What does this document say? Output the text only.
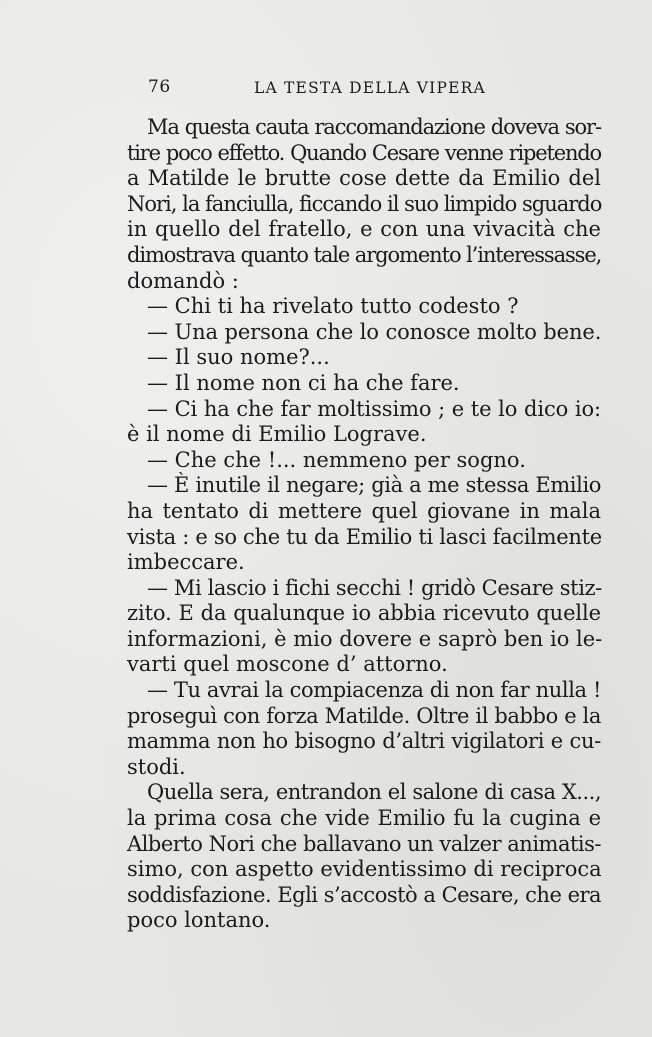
76	LA TESTA DELLA VIPERA
Ma questa cauta raccomandazione doveva sor-
tire poco effetto. Quando Cesare venne ripetendo
a Matilde le brutte cose dette da Emilio del
Nori, la fanciulla, ficcando il suo limpido sguardo
in quello del fratello, e con una vivacità che
dimostrava quanto tale argomento l’interessasse,
domandò :
— Chi ti ha rivelato tutto codesto ?
— Una persona che lo conosce molto bene.
— Il suo nome?...
— Il nome non ci ha che fare.
— Ci ha che far moltissimo ; e te lo dico io:
è il nome di Emilio Lograve.
— Che che !... nemmeno per sogno.
— È inutile il negare; già a me stessa Emilio
ha tentato di mettere quel giovane in mala
vista : e so che tu da Emilio ti lasci facilmente
imbeccare.
— Mi lascio i fichi secchi ! gridò Cesare stiz-
zito. E da qualunque io abbia ricevuto quelle
informazioni, è mio dovere e saprò ben io le-
varti quel moscone d’ attorno.
— Tu avrai la compiacenza di non far nulla !
proseguì con forza Matilde. Oltre il babbo e la
mamma non ho bisogno d’altri vigilatori e cu-
stodi.
Quella sera, entrandon el salone di casa X...,
la prima cosa che vide Emilio fu la cugina e
Alberto Nori che ballavano un valzer animatis-
simo, con aspetto evidentissimo di reciproca
soddisfazione. Egli s’accostò a Cesare, che era
poco lontano.
